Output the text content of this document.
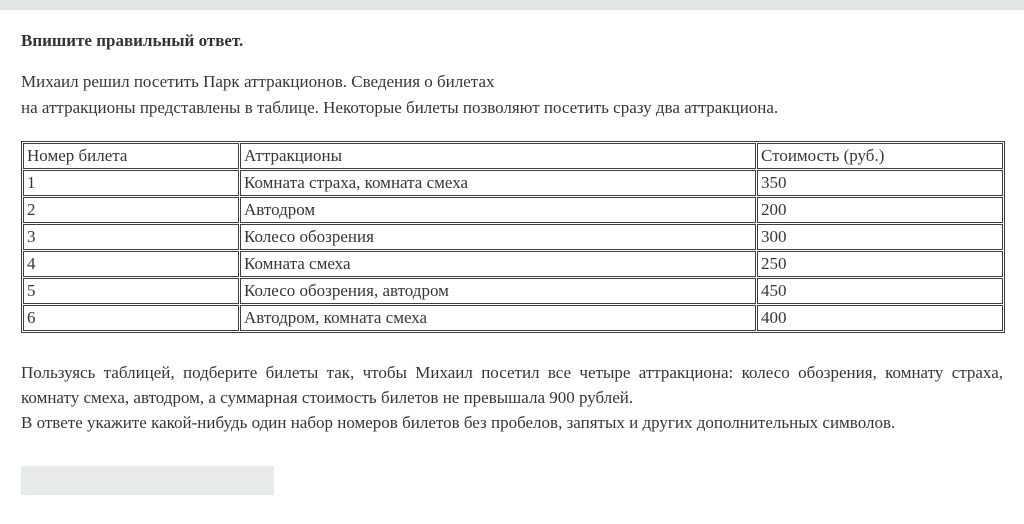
Впишите правильный ответ.

Михаил решил посетить Парк аттракционов. Сведения о билетах
на аттракционы представлены в таблице. Некоторые билеты позволяют посетить сразу два аттракциона.

Номер билета	Аттракционы	Стоимость (руб.)
1	Комната страха, комната смеха	350
2	Автодром	200
3	Колесо обозрения	300
4	Комната смеха	250
5	Колесо обозрения, автодром	450
6	Автодром, комната смеха	400

Пользуясь таблицей, подберите билеты так, чтобы Михаил посетил все четыре аттракциона: колесо обозрения, комнату страха, комнату смеха, автодром, а суммарная стоимость билетов не превышала 900 рублей.
В ответе укажите какой-нибудь один набор номеров билетов без пробелов, запятых и других дополнительных символов.
